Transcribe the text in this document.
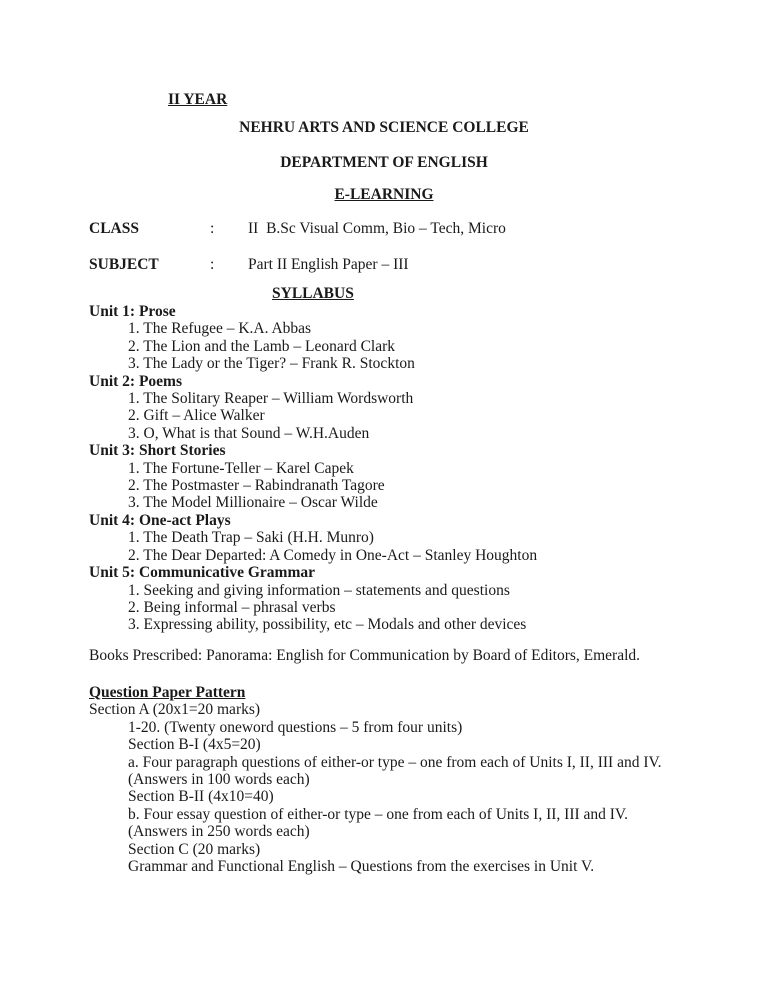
II YEAR
NEHRU ARTS AND SCIENCE COLLEGE
DEPARTMENT OF ENGLISH
E-LEARNING
CLASS	: II  B.Sc Visual Comm, Bio – Tech, Micro
SUBJECT	: Part II English Paper – III
SYLLABUS
Unit 1: Prose
1. The Refugee – K.A. Abbas
2. The Lion and the Lamb – Leonard Clark
3. The Lady or the Tiger? – Frank R. Stockton
Unit 2: Poems
1. The Solitary Reaper – William Wordsworth
2. Gift – Alice Walker
3. O, What is that Sound – W.H.Auden
Unit 3: Short Stories
1. The Fortune-Teller – Karel Capek
2. The Postmaster – Rabindranath Tagore
3. The Model Millionaire – Oscar Wilde
Unit 4: One-act Plays
1. The Death Trap – Saki (H.H. Munro)
2. The Dear Departed: A Comedy in One-Act – Stanley Houghton
Unit 5: Communicative Grammar
1. Seeking and giving information – statements and questions
2. Being informal – phrasal verbs
3. Expressing ability, possibility, etc – Modals and other devices
Books Prescribed: Panorama: English for Communication by Board of Editors, Emerald.
Question Paper Pattern
Section A (20x1=20 marks)
1-20. (Twenty oneword questions – 5 from four units)
Section B-I (4x5=20)
a. Four paragraph questions of either-or type – one from each of Units I, II, III and IV.
(Answers in 100 words each)
Section B-II (4x10=40)
b. Four essay question of either-or type – one from each of Units I, II, III and IV.
(Answers in 250 words each)
Section C (20 marks)
Grammar and Functional English – Questions from the exercises in Unit V.
